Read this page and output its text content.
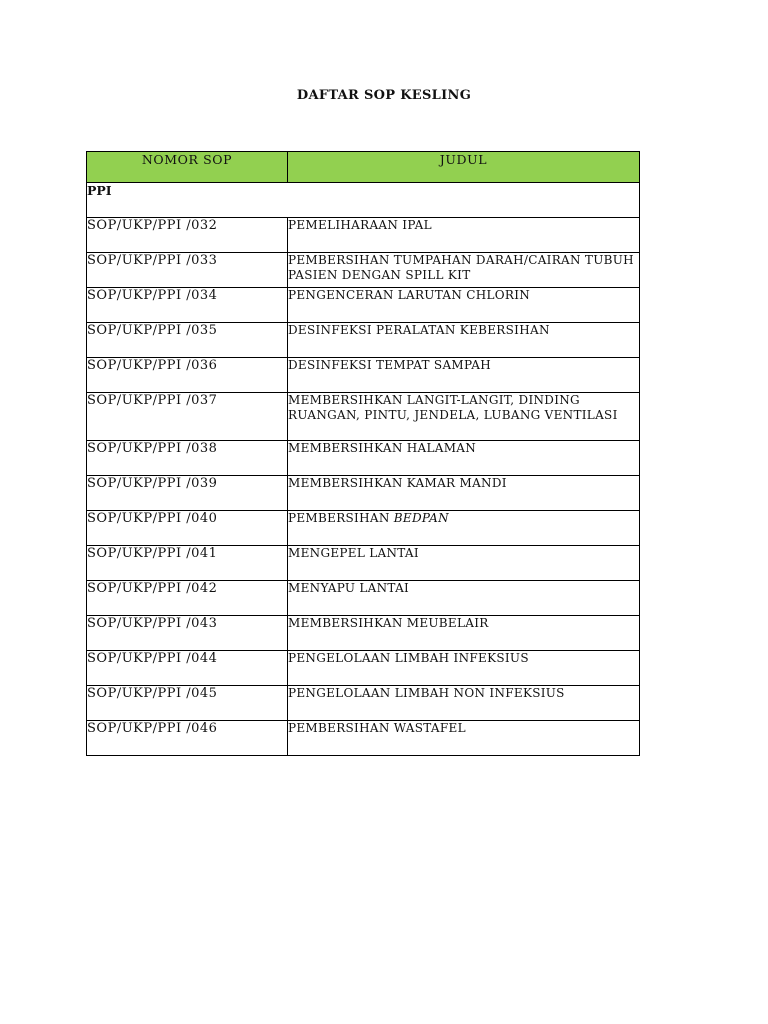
DAFTAR SOP KESLING
NOMOR SOP	JUDUL
PPI	
SOP/UKP/PPI /032	PEMELIHARAAN IPAL
SOP/UKP/PPI /033	PEMBERSIHAN TUMPAHAN DARAH/CAIRAN TUBUH PASIEN DENGAN SPILL KIT
SOP/UKP/PPI /034	PENGENCERAN LARUTAN CHLORIN
SOP/UKP/PPI /035	DESINFEKSI PERALATAN KEBERSIHAN
SOP/UKP/PPI /036	DESINFEKSI TEMPAT SAMPAH
SOP/UKP/PPI /037	MEMBERSIHKAN LANGIT-LANGIT, DINDING RUANGAN, PINTU, JENDELA, LUBANG VENTILASI
SOP/UKP/PPI /038	MEMBERSIHKAN HALAMAN
SOP/UKP/PPI /039	MEMBERSIHKAN KAMAR MANDI
SOP/UKP/PPI /040	PEMBERSIHAN BEDPAN
SOP/UKP/PPI /041	MENGEPEL LANTAI
SOP/UKP/PPI /042	MENYAPU LANTAI
SOP/UKP/PPI /043	MEMBERSIHKAN MEUBELAIR
SOP/UKP/PPI /044	PENGELOLAAN LIMBAH INFEKSIUS
SOP/UKP/PPI /045	PENGELOLAAN LIMBAH NON INFEKSIUS
SOP/UKP/PPI /046	PEMBERSIHAN WASTAFEL
